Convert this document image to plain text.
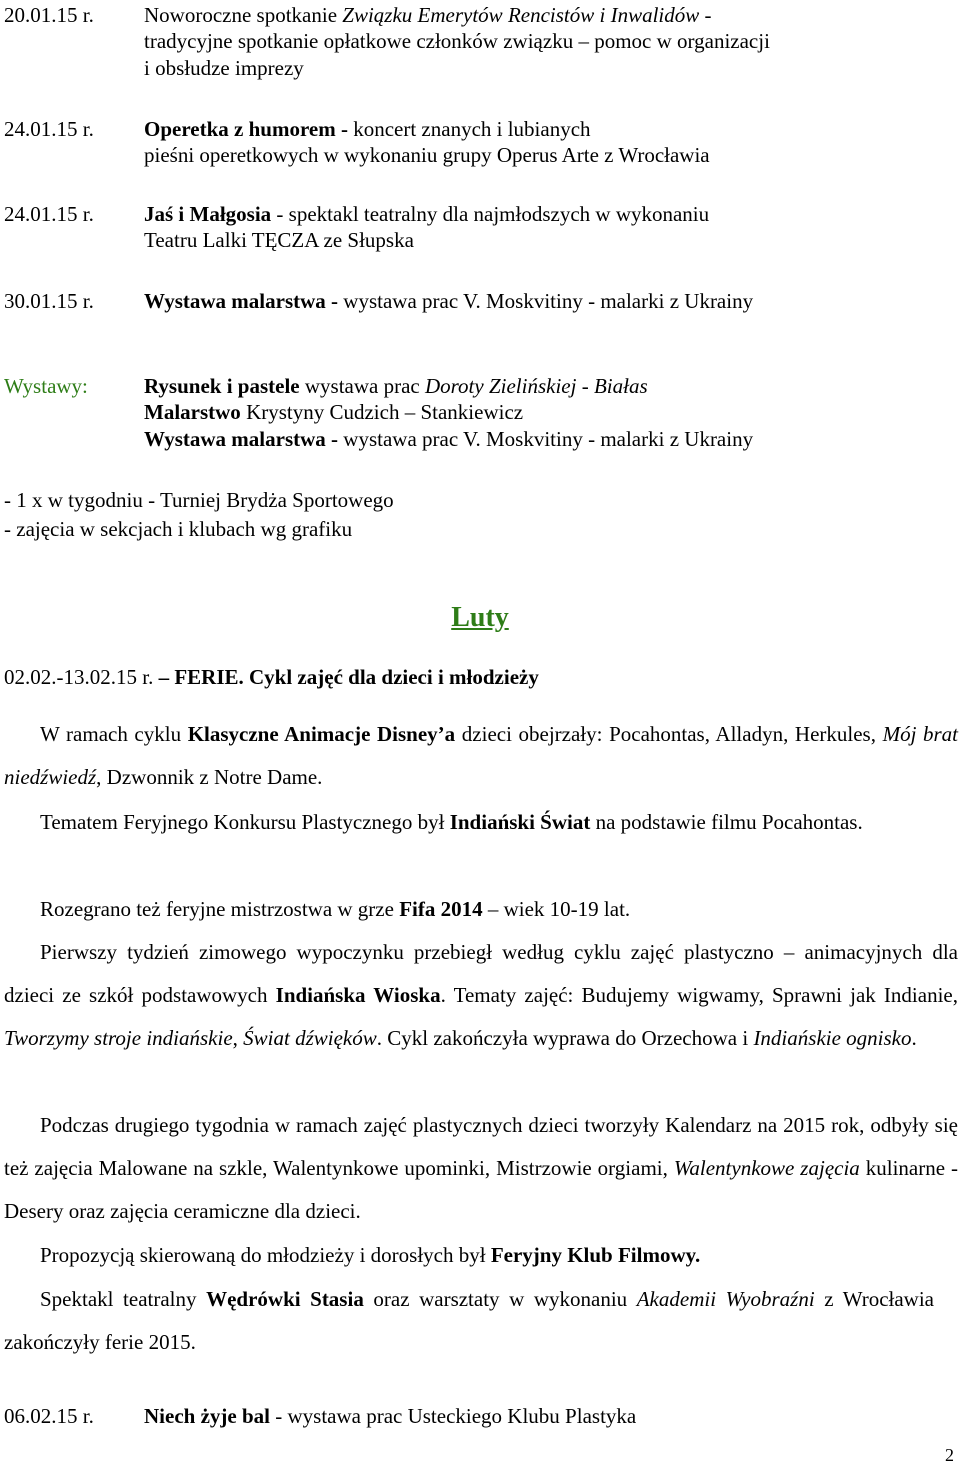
20.01.15 r. Noworoczne spotkanie Związku Emerytów Rencistów i Inwalidów -
tradycyjne spotkanie opłatkowe członków związku – pomoc w organizacji
i obsłudze imprezy
24.01.15 r. Operetka z humorem - koncert znanych i lubianych
pieśni operetkowych w wykonaniu grupy Operus Arte z Wrocławia
24.01.15 r. Jaś i Małgosia - spektakl teatralny dla najmłodszych w wykonaniu
Teatru Lalki TĘCZA ze Słupska
30.01.15 r. Wystawa malarstwa - wystawa prac V. Moskvitiny - malarki z Ukrainy
Wystawy:	Rysunek i pastele wystawa prac Doroty Zielińskiej - Białas
Malarstwo Krystyny Cudzich – Stankiewicz
Wystawa malarstwa - wystawa prac V. Moskvitiny - malarki z Ukrainy
- 1 x w tygodniu - Turniej Brydża Sportowego
- zajęcia w sekcjach i klubach wg grafiku
Luty
02.02.-13.02.15 r. – FERIE. Cykl zajęć dla dzieci i młodzieży
W ramach cyklu Klasyczne Animacje Disney’a dzieci obejrzały: Pocahontas, Alladyn, Herkules, Mój brat niedźwiedź, Dzwonnik z Notre Dame.
Tematem Feryjnego Konkursu Plastycznego był Indiański Świat na podstawie filmu Pocahontas.
Rozegrano też feryjne mistrzostwa w grze Fifa 2014 – wiek 10-19 lat.
Pierwszy tydzień zimowego wypoczynku przebiegł według cyklu zajęć plastyczno – animacyjnych dla dzieci ze szkół podstawowych Indiańska Wioska. Tematy zajęć: Budujemy wigwamy, Sprawni jak Indianie, Tworzymy stroje indiańskie, Świat dźwięków. Cykl zakończyła wyprawa do Orzechowa i Indiańskie ognisko.
Podczas drugiego tygodnia w ramach zajęć plastycznych dzieci tworzyły Kalendarz na 2015 rok, odbyły się też zajęcia Malowane na szkle, Walentynkowe upominki, Mistrzowie orgiami, Walentynkowe zajęcia kulinarne - Desery oraz zajęcia ceramiczne dla dzieci.
Propozycją skierowaną do młodzieży i dorosłych był Feryjny Klub Filmowy.
Spektakl teatralny Wędrówki Stasia oraz warsztaty w wykonaniu Akademii Wyobraźni z Wrocławia zakończyły ferie 2015.
06.02.15 r. Niech żyje bal - wystawa prac Usteckiego Klubu Plastyka
2
